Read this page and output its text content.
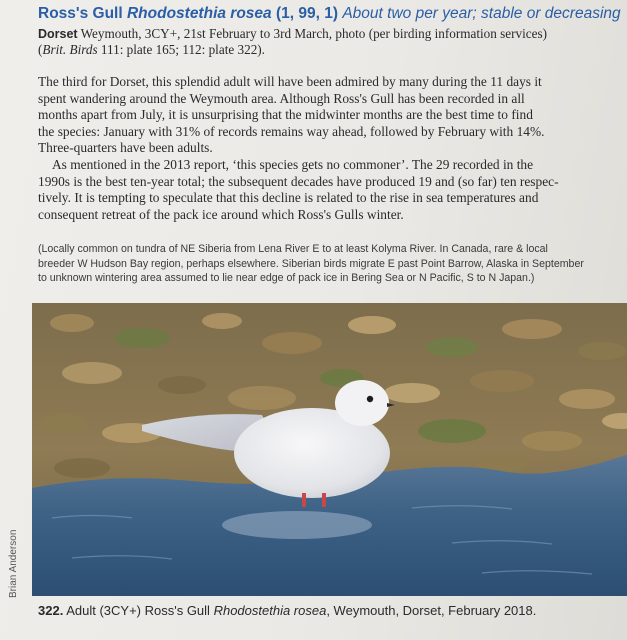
Ross's Gull Rhodostethia rosea (1, 99, 1) About two per year; stable or decreasing
Dorset Weymouth, 3CY+, 21st February to 3rd March, photo (per birding information services)
(Brit. Birds 111: plate 165; 112: plate 322).
The third for Dorset, this splendid adult will have been admired by many during the 11 days it
spent wandering around the Weymouth area. Although Ross's Gull has been recorded in all
months apart from July, it is unsurprising that the midwinter months are the best time to find
the species: January with 31% of records remains way ahead, followed by February with 14%.
Three-quarters have been adults.
As mentioned in the 2013 report, ‘this species gets no commoner’. The 29 recorded in the
1990s is the best ten-year total; the subsequent decades have produced 19 and (so far) ten respec-
tively. It is tempting to speculate that this decline is related to the rise in sea temperatures and
consequent retreat of the pack ice around which Ross's Gulls winter.
(Locally common on tundra of NE Siberia from Lena River E to at least Kolyma River. In Canada, rare & local
breeder W Hudson Bay region, perhaps elsewhere. Siberian birds migrate E past Point Barrow, Alaska in September
to unknown wintering area assumed to lie near edge of pack ice in Bering Sea or N Pacific, S to N Japan.)
Brian Anderson
322. Adult (3CY+) Ross's Gull Rhodostethia rosea, Weymouth, Dorset, February 2018.
